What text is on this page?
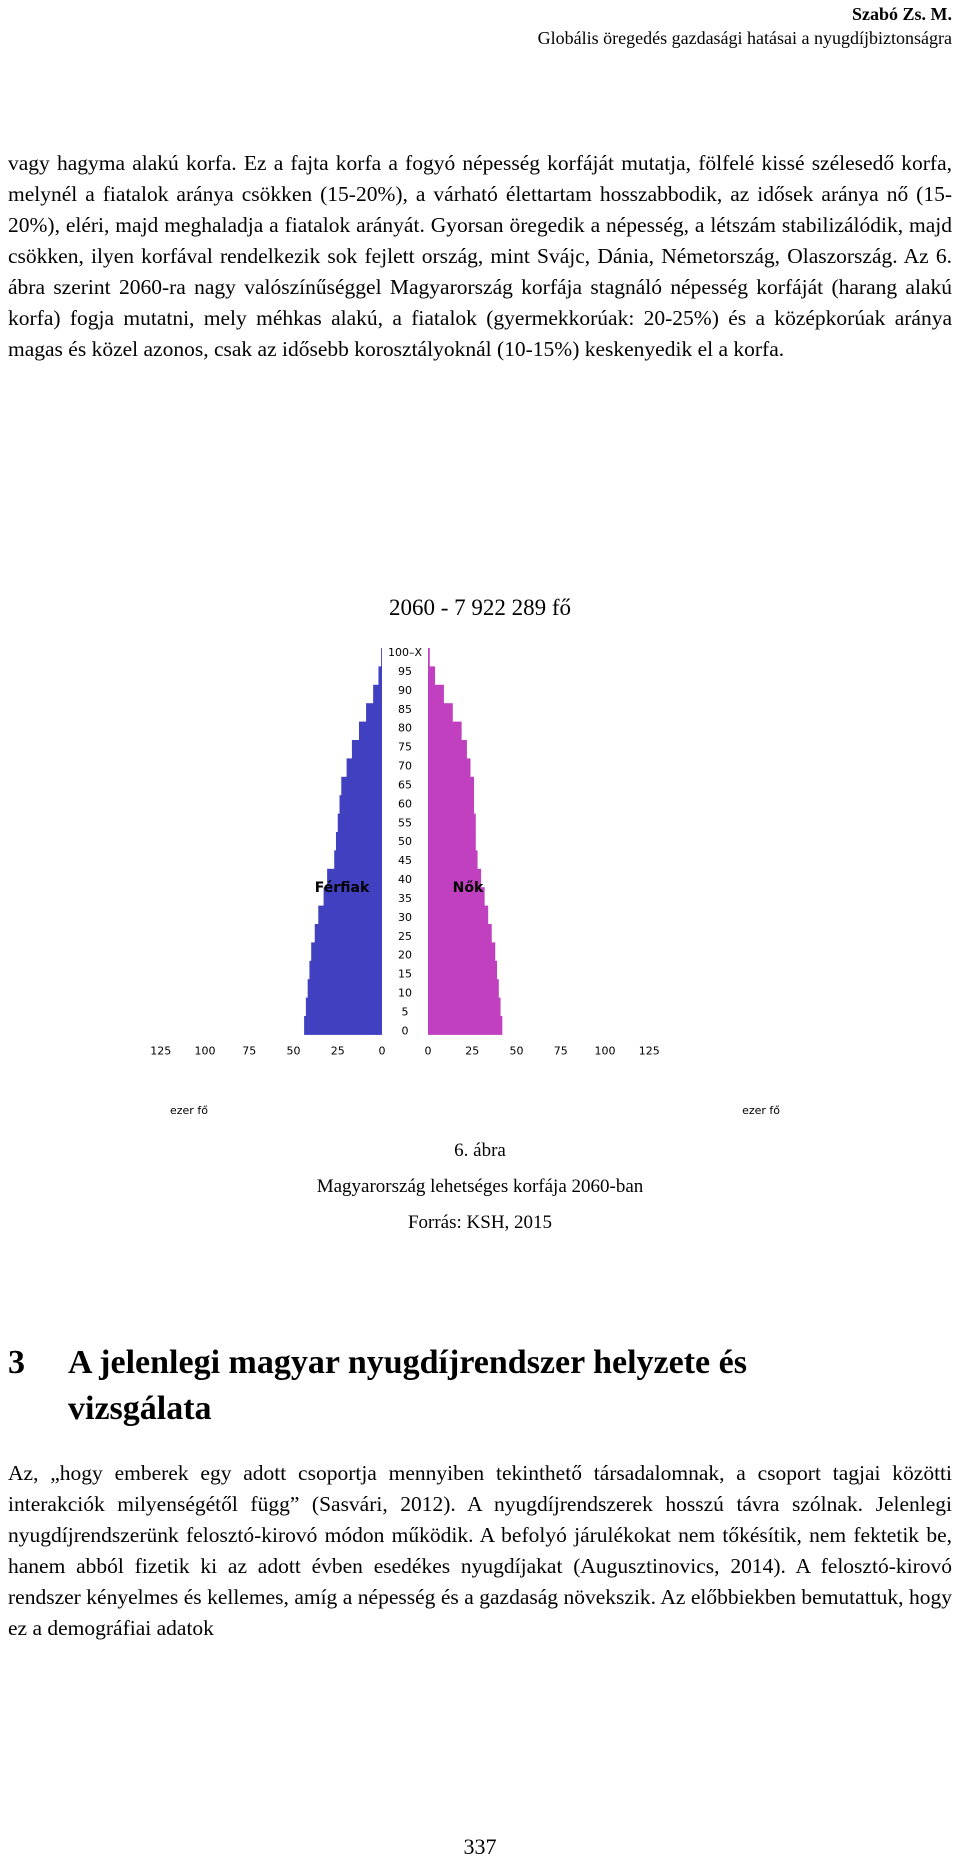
Szabó Zs. M.
Globális öregedés gazdasági hatásai a nyugdíjbiztonságra

vagy hagyma alakú korfa. Ez a fajta korfa a fogyó népesség korfáját mutatja, fölfelé kissé szélesedő korfa, melynél a fiatalok aránya csökken (15-20%), a várható élettartam hosszabbodik, az idősek aránya nő (15-20%), eléri, majd meghaladja a fiatalok arányát. Gyorsan öregedik a népesség, a létszám stabilizálódik, majd csökken, ilyen korfával rendelkezik sok fejlett ország, mint Svájc, Dánia, Németország, Olaszország. Az 6. ábra szerint 2060-ra nagy valószínűséggel Magyarország korfája stagnáló népesség korfáját (harang alakú korfa) fogja mutatni, mely méhkas alakú, a fiatalok (gyermekkorúak: 20-25%) és a középkorúak aránya magas és közel azonos, csak az idősebb korosztályoknál (10-15%) keskenyedik el a korfa.

2060 - 7 922 289 fő
100–X
95
90
85
80
75
70
65
60
55
50
45
40
35
30
25
20
15
10
5
0
Férfiak	Nők
125 100 75	50	25	0	0	25	50	75 100 125
ezer fő	ezer fő
6. ábra
Magyarország lehetséges korfája 2060-ban
Forrás: KSH, 2015
3	A jelenlegi magyar nyugdíjrendszer helyzete és vizsgálata

Az, „hogy emberek egy adott csoportja mennyiben tekinthető társadalomnak, a csoport tagjai közötti interakciók milyenségétől függ” (Sasvári, 2012). A nyugdíjrendszerek hosszú távra szólnak. Jelenlegi nyugdíjrendszerünk felosztó-kirovó módon működik. A befolyó járulékokat nem tőkésítik, nem fektetik be, hanem abból fizetik ki az adott évben esedékes nyugdíjakat (Augusztinovics, 2014). A felosztó-kirovó rendszer kényelmes és kellemes, amíg a népesség és a gazdaság növekszik. Az előbbiekben bemutattuk, hogy ez a demográfiai adatok

337
